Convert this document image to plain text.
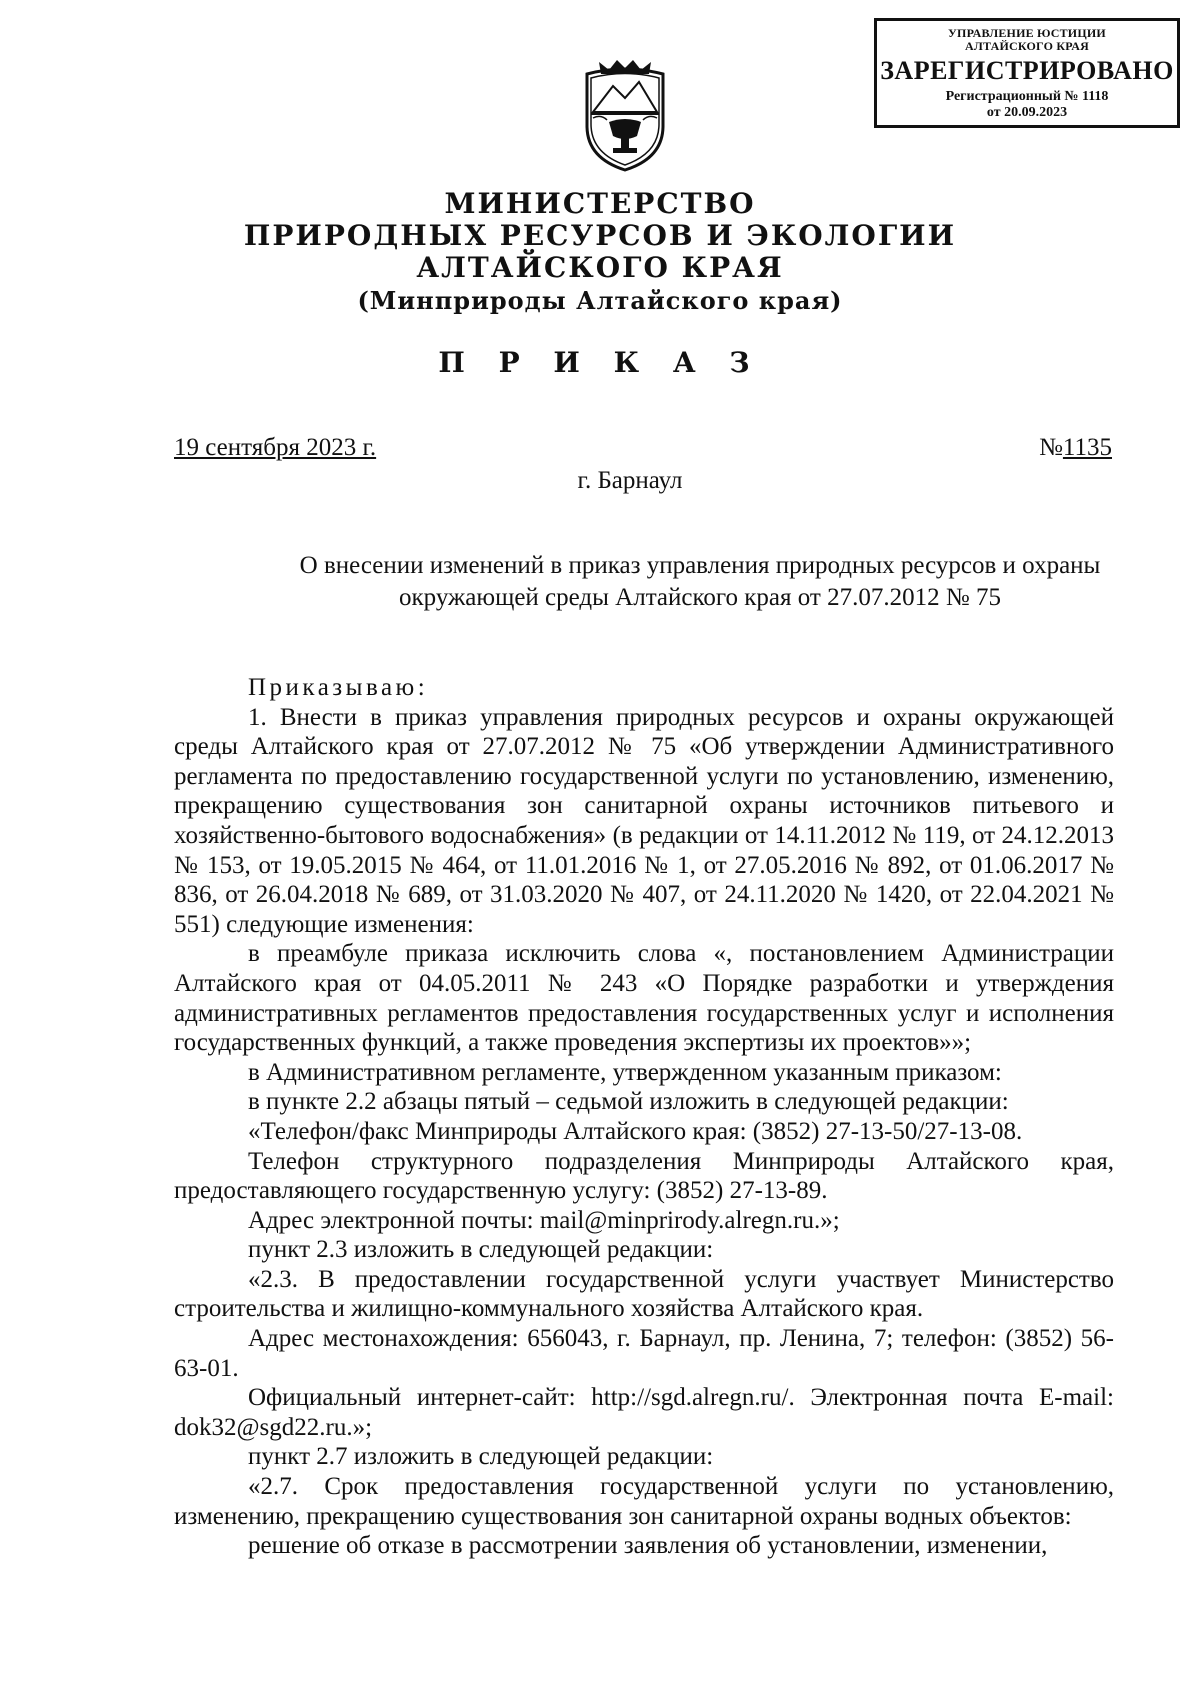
УПРАВЛЕНИЕ ЮСТИЦИИ
АЛТАЙСКОГО КРАЯ
ЗАРЕГИСТРИРОВАНО
Регистрационный № 1118
от 20.09.2023
МИНИСТЕРСТВО
ПРИРОДНЫХ РЕСУРСОВ И ЭКОЛОГИИ
АЛТАЙСКОГО КРАЯ
(Минприроды Алтайского края)
П Р И К А З
19 сентября 2023 г.	№1135
г. Барнаул
О внесении изменений в приказ управления природных ресурсов и охраны
окружающей среды Алтайского края от 27.07.2012 № 75

Приказываю:

1. Внести в приказ управления природных ресурсов и охраны окружающей среды Алтайского края от 27.07.2012 № 75 «Об утверждении Административного регламента по предоставлению государственной услуги по установлению, изменению, прекращению существования зон санитарной охраны источников питьевого и хозяйственно-бытового водоснабжения» (в редакции от 14.11.2012 № 119, от 24.12.2013 № 153, от 19.05.2015 № 464, от 11.01.2016 № 1, от 27.05.2016 № 892, от 01.06.2017 № 836, от 26.04.2018 № 689, от 31.03.2020 № 407, от 24.11.2020 № 1420, от 22.04.2021 № 551) следующие изменения:

в преамбуле приказа исключить слова «, постановлением Администрации Алтайского края от 04.05.2011 № 243 «О Порядке разработки и утверждения административных регламентов предоставления государственных услуг и исполнения государственных функций, а также проведения экспертизы их проектов»»;

в Административном регламенте, утвержденном указанным приказом:

в пункте 2.2 абзацы пятый – седьмой изложить в следующей редакции:

«Телефон/факс Минприроды Алтайского края: (3852) 27-13-50/27-13-08.

Телефон структурного подразделения Минприроды Алтайского края, предоставляющего государственную услугу: (3852) 27-13-89.

Адрес электронной почты: mail@minprirody.alregn.ru.»;

пункт 2.3 изложить в следующей редакции:

«2.3. В предоставлении государственной услуги участвует Министерство строительства и жилищно-коммунального хозяйства Алтайского края.

Адрес местонахождения: 656043, г. Барнаул, пр. Ленина, 7; телефон: (3852) 56-63-01.

Официальный интернет-сайт: http://sgd.alregn.ru/. Электронная почта E-mail: dok32@sgd22.ru.»;

пункт 2.7 изложить в следующей редакции:

«2.7. Срок предоставления государственной услуги по установлению, изменению, прекращению существования зон санитарной охраны водных объектов:

решение об отказе в рассмотрении заявления об установлении, изменении,
